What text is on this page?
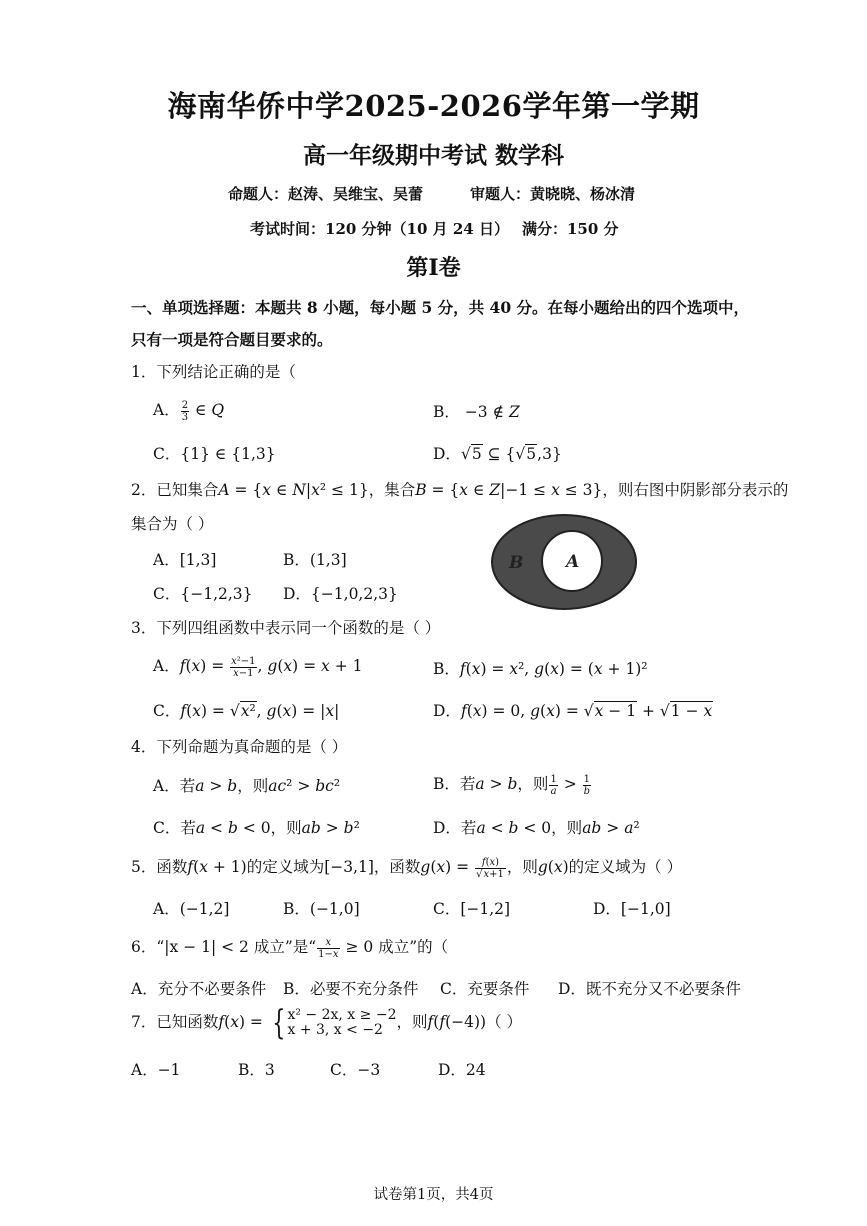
海南华侨中学2025-2026学年第一学期
高一年级期中考试 数学科
命题人：赵涛、吴维宝、吴蕾	审题人：黄晓晓、杨冰清
考试时间：120 分钟（10 月 24 日） 满分：150 分
第Ⅰ卷
一、单项选择题：本题共 8 小题，每小题 5 分，共 40 分。在每小题给出的四个选项中，
只有一项是符合题目要求的。
1．下列结论正确的是（
A． $\frac{2}{3}$ ∈ Q	B． −3 ∉ Z
C．{1} ∈ {1,3}	D．√5 ⊆ {√5,3}
2．已知集合A = {x ∈ N|x² ≤ 1}，集合B = {x ∈ Z|−1 ≤ x ≤ 3}，则右图中阴影部分表示的
集合为（ ）
A．[1,3]	B．(1,3]
C．{−1,2,3} D．{−1,0,2,3}
B	A
3．下列四组函数中表示同一个函数的是（ ）
A．$f(x) = \frac{\text{x²−1}}{x-1}$ , g(x) = x + 1	B．f(x) = x², g(x) = (x + 1)²
C．f(x) = √x², g(x) = |x|	D．f(x) = 0, g(x) = √x − 1 + √1 − x
4．下列命题为真命题的是（ ）
A．若a > b，则ac² > bc²	B．若a > b，则 $\frac{1}{a} > \frac{1}{b}$
C．若a < b < 0，则ab > b²	D．若a < b < 0，则ab > a²
5．函数f(x + 1)的定义域为[−3,1]，函数$g(x) = \frac{f(x)}{√x+1}$ ，则g(x)的定义域为（ ）
A．(−1,2]	B．(−1,0]	C．[−1,2]	D．[−1,0]
6．“|x − 1| < 2 成立”是“ $\frac{x}{1-x} \ge 0$ 成立”的（
A．充分不必要条件 B．必要不充分条件 C．充要条件 D．既不充分又不必要条件
7．已知函数f(x) = { x² − 2x, x ≥ −2
x + 3, x < −2 ，则f(f(−4))（ ）
A．−1	B．3	C．−3	D．24
试卷第1页，共4页
